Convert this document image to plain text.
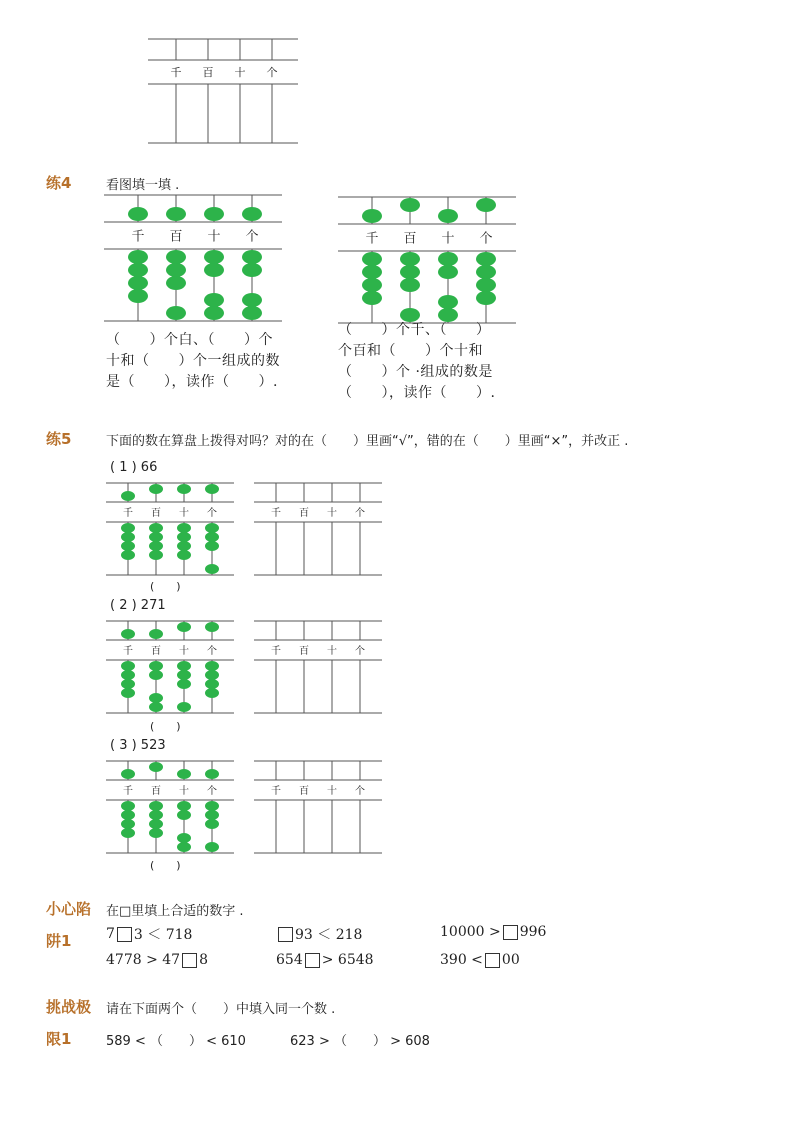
千 百 十 个
练4	看图填一填 .
千 百 十 个	千 百 十 个
（　　）个白、（　　）个
十和（　　）个一组成的数
是（　　），读作（　　）.
（　　）个千、（　　）
个百和（　　）个十和
（　　）个 ·组成的数是
（　　），读作（　　）.
练5	下面的数在算盘上拨得对吗？对的在（　　）里画“√”，错的在（　　）里画“×”，并改正 .
( 1 ) 66
千 百 十 个	千 百 十 个
(　　)
( 2 ) 271
千 百 十 个	千 百 十 个
(　　)
( 3 ) 523
千 百 十 个	千 百 十 个
(　　)
小心陷
阱1
在□里填上合适的数字 .
7 3 ＜ 718	93 ＜ 218	10000 > 996
4778 > 47 8	654 > 6548	390 < 00
挑战极
限1
请在下面两个（　　）中填入同一个数 .
589 < （　　） < 610	623 > （　　） > 608
